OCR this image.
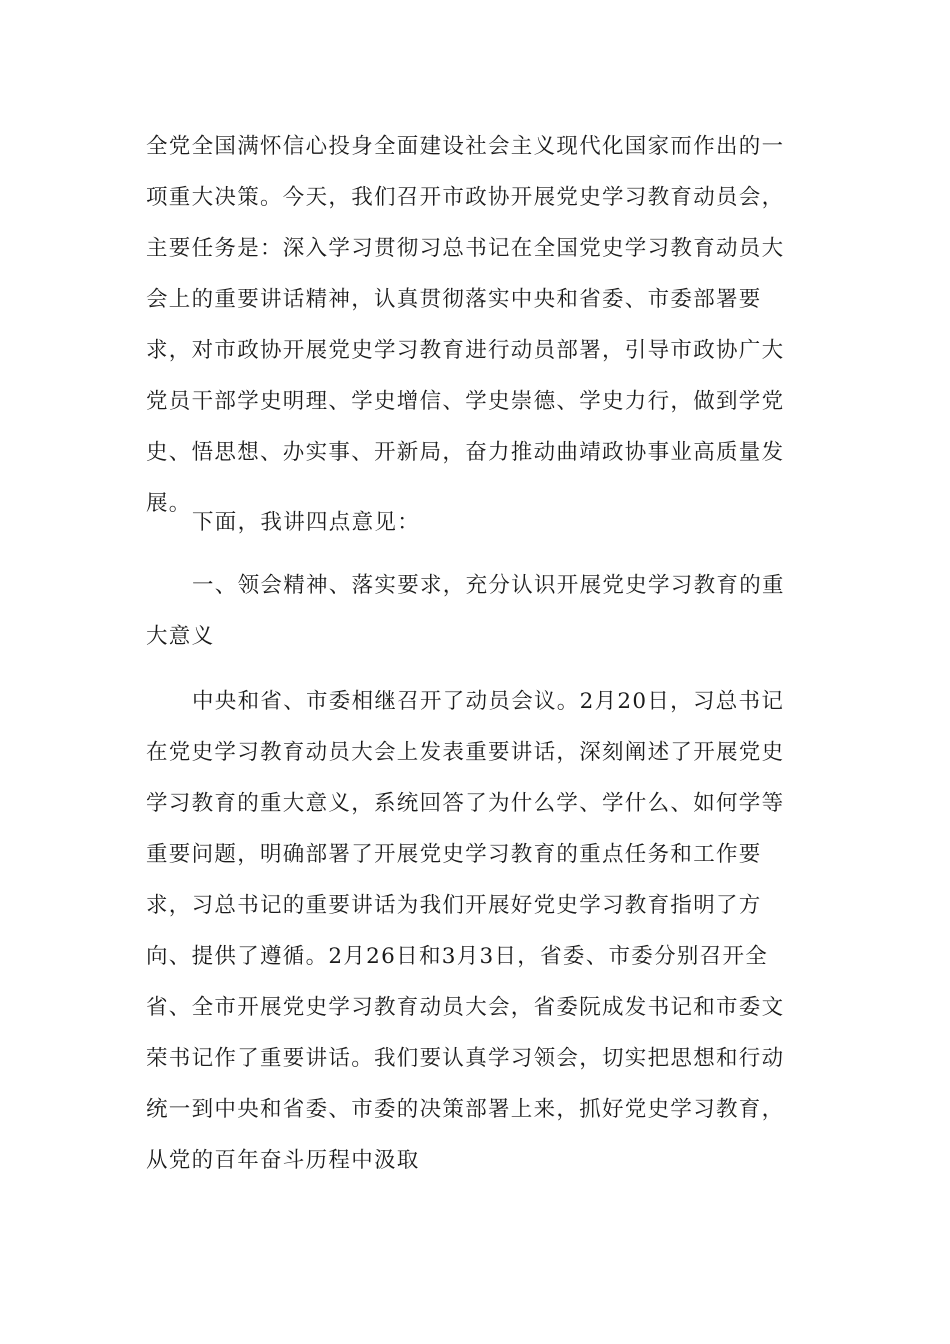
全党全国满怀信心投身全面建设社会主义现代化国家而作出的一项重大决策。今天，我们召开市政协开展党史学习教育动员会，主要任务是：深入学习贯彻习总书记在全国党史学习教育动员大会上的重要讲话精神，认真贯彻落实中央和省委、市委部署要求，对市政协开展党史学习教育进行动员部署，引导市政协广大党员干部学史明理、学史增信、学史崇德、学史力行，做到学党史、悟思想、办实事、开新局，奋力推动曲靖政协事业高质量发展。

下面，我讲四点意见：

一、领会精神、落实要求，充分认识开展党史学习教育的重大意义

中央和省、市委相继召开了动员会议。2月20日，习总书记在党史学习教育动员大会上发表重要讲话，深刻阐述了开展党史学习教育的重大意义，系统回答了为什么学、学什么、如何学等重要问题，明确部署了开展党史学习教育的重点任务和工作要求，习总书记的重要讲话为我们开展好党史学习教育指明了方向、提供了遵循。2月26日和3月3日，省委、市委分别召开全省、全市开展党史学习教育动员大会，省委阮成发书记和市委文荣书记作了重要讲话。我们要认真学习领会，切实把思想和行动统一到中央和省委、市委的决策部署上来，抓好党史学习教育，从党的百年奋斗历程中汲取
